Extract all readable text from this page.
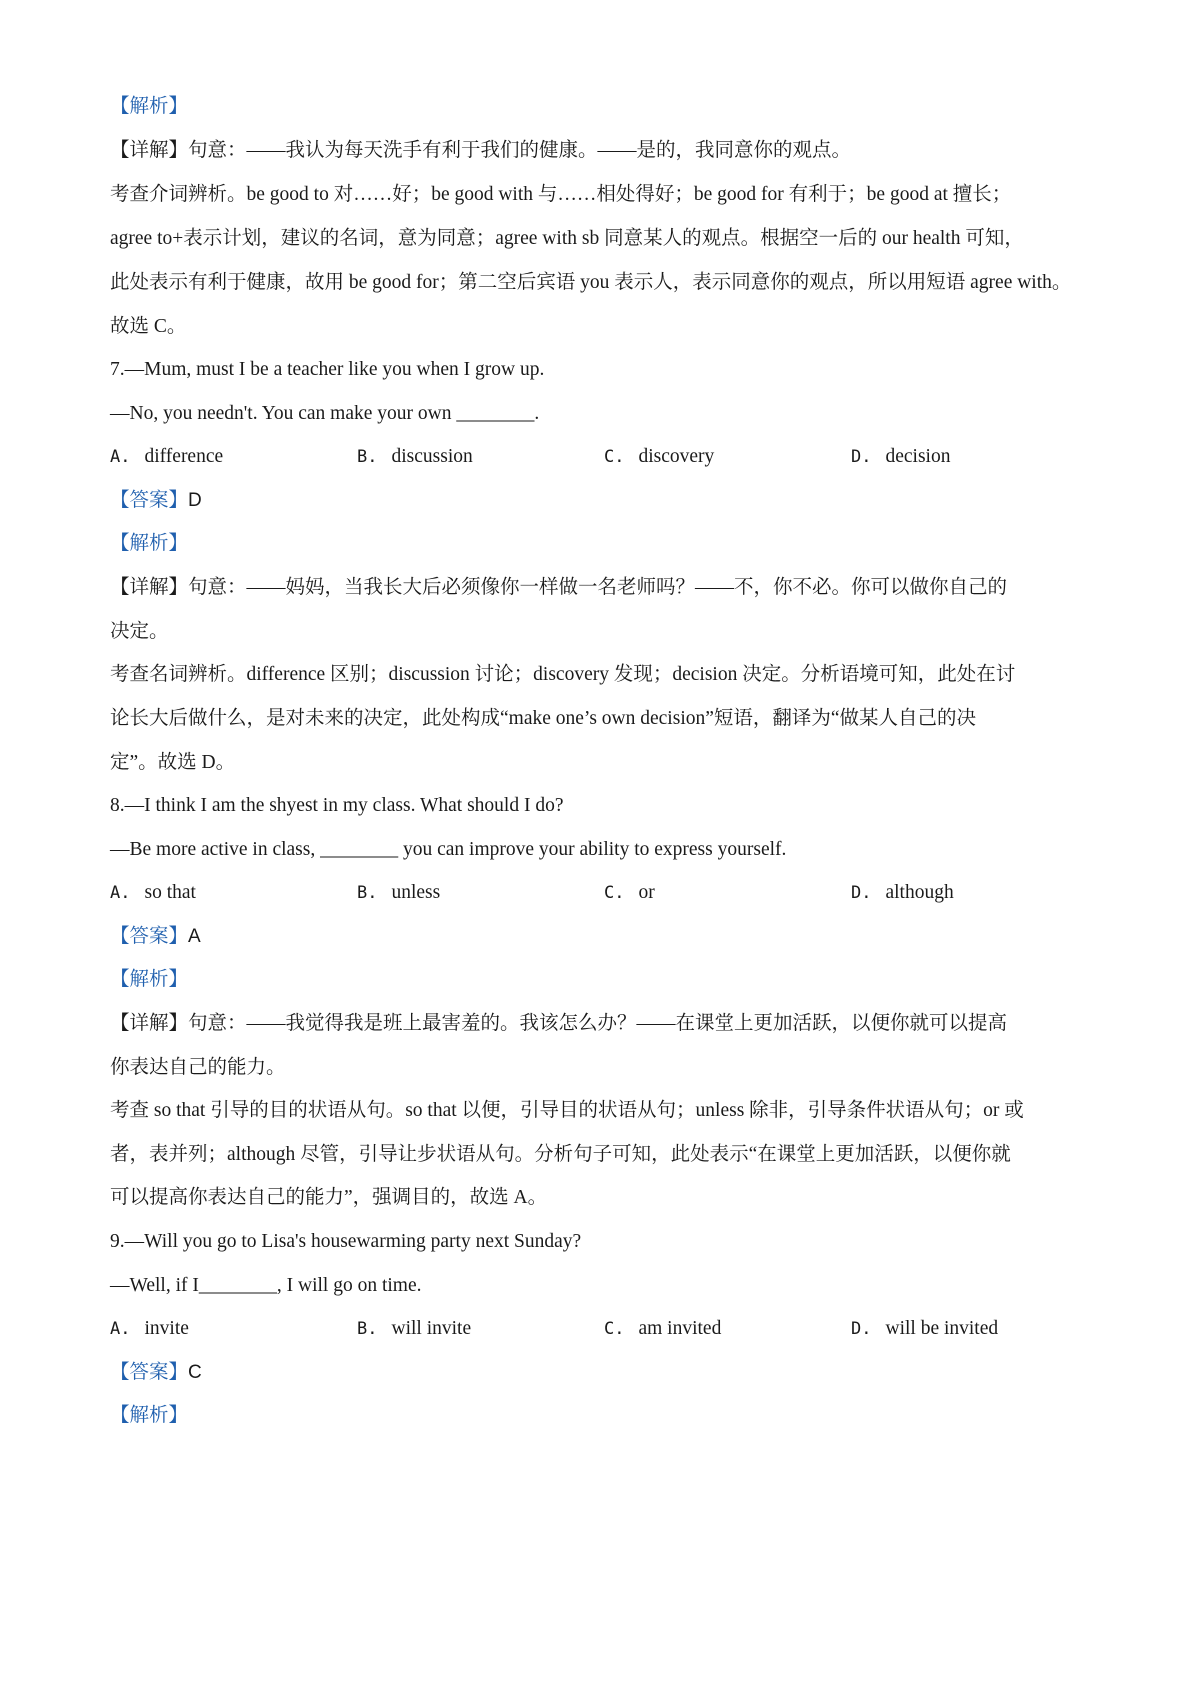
【解析】
【详解】句意：——我认为每天洗手有利于我们的健康。——是的，我同意你的观点。
考查介词辨析。be good to 对……好；be good with 与……相处得好；be good for 有利于；be good at 擅长；
agree to+表示计划，建议的名词，意为同意；agree with sb 同意某人的观点。根据空一后的 our health 可知，
此处表示有利于健康，故用 be good for；第二空后宾语 you 表示人，表示同意你的观点，所以用短语 agree with。
故选 C。
7.—Mum, must I be a teacher like you when I grow up.
—No, you needn't. You can make your own ________.
A. difference	B. discussion	C. discovery	D. decision
【答案】D
【解析】
【详解】句意：——妈妈，当我长大后必须像你一样做一名老师吗？——不，你不必。你可以做你自己的
决定。
考查名词辨析。difference 区别；discussion 讨论；discovery 发现；decision 决定。分析语境可知，此处在讨
论长大后做什么，是对未来的决定，此处构成“make one’s own decision”短语，翻译为“做某人自己的决
定”。故选 D。
8.—I think I am the shyest in my class. What should I do?
—Be more active in class, ________ you can improve your ability to express yourself.
A. so that	B. unless	C. or	D. although
【答案】A
【解析】
【详解】句意：——我觉得我是班上最害羞的。我该怎么办？——在课堂上更加活跃，以便你就可以提高
你表达自己的能力。
考查 so that 引导的目的状语从句。so that 以便，引导目的状语从句；unless 除非，引导条件状语从句；or 或
者，表并列；although 尽管，引导让步状语从句。分析句子可知，此处表示“在课堂上更加活跃，以便你就
可以提高你表达自己的能力”，强调目的，故选 A。
9.—Will you go to Lisa's housewarming party next Sunday?
—Well, if I________, I will go on time.
A. invite	B. will invite	C. am invited	D. will be invited
【答案】C
【解析】
